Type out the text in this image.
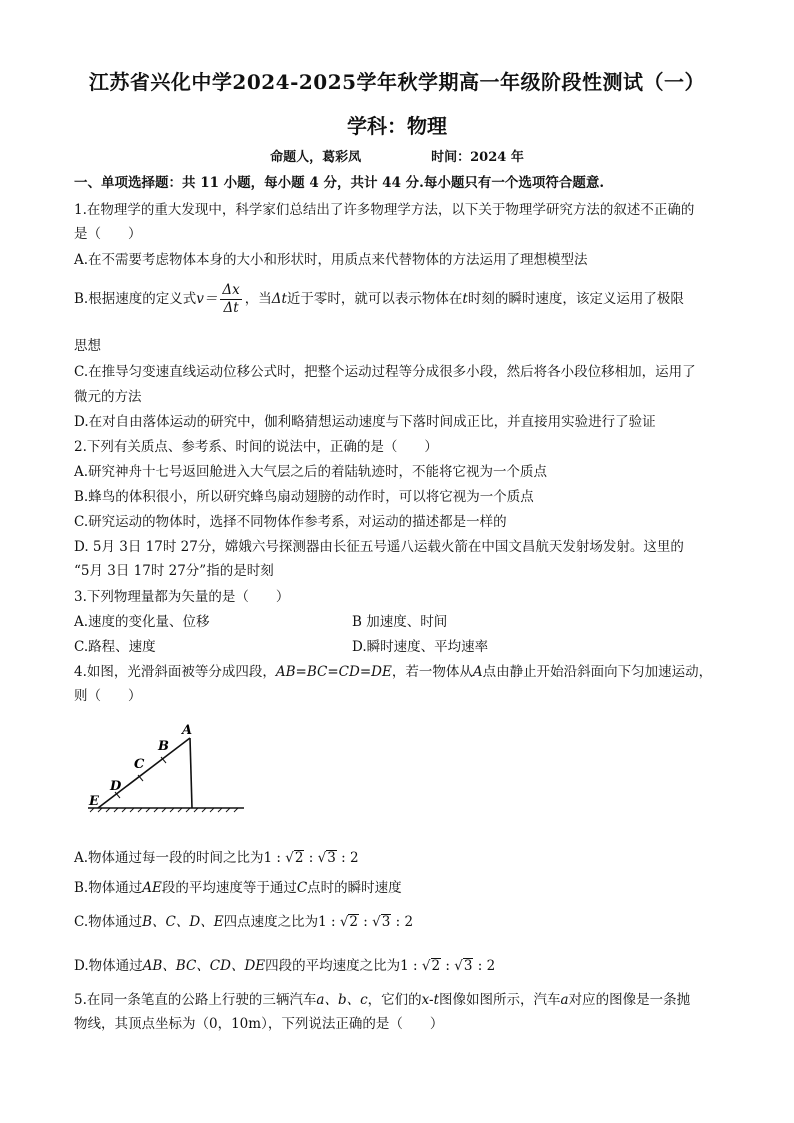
江苏省兴化中学2024-2025学年秋学期高一年级阶段性测试（一）
学科：物理
命题人，葛彩凤	时间：2024 年
一、单项选择题：共 11 小题，每小题 4 分，共计 44 分.每小题只有一个选项符合题意.
1.在物理学的重大发现中，科学家们总结出了许多物理学方法，以下关于物理学研究方法的叙述不正确的
是（　　）
A.在不需要考虑物体本身的大小和形状时，用质点来代替物体的方法运用了理想模型法
B.根据速度的定义式$v= \frac{\Delta x}{\Delta t}$ ，当Δt近于零时，就可以表示物体在t时刻的瞬时速度，该定义运用了极限
思想
C.在推导匀变速直线运动位移公式时，把整个运动过程等分成很多小段，然后将各小段位移相加，运用了
微元的方法
D.在对自由落体运动的研究中，伽利略猜想运动速度与下落时间成正比，并直接用实验进行了验证
2.下列有关质点、参考系、时间的说法中，正确的是（　　）
A.研究神舟十七号返回舱进入大气层之后的着陆轨迹时，不能将它视为一个质点
B.蜂鸟的体积很小，所以研究蜂鸟扇动翅膀的动作时，可以将它视为一个质点
C.研究运动的物体时，选择不同物体作参考系，对运动的描述都是一样的
D. 5月 3日 17时 27分，嫦娥六号探测器由长征五号遥八运载火箭在中国文昌航天发射场发射。这里的
“5月 3日 17时 27分”指的是时刻
3.下列物理量都为矢量的是（　　）
A.速度的变化量、位移	B 加速度、时间
C.路程、速度	D.瞬时速度、平均速率
4.如图，光滑斜面被等分成四段，AB=BC=CD=DE，若一物体从A点由静止开始沿斜面向下匀加速运动，
则（　　）
A
B
C
D
E
A.物体通过每一段的时间之比为1 : √2 : √3 : 2
B.物体通过AE段的平均速度等于通过C点时的瞬时速度
C.物体通过B、C、D、E四点速度之比为1 : √2 : √3 : 2
D.物体通过AB、BC、CD、DE四段的平均速度之比为1 : √2 : √3 : 2
5.在同一条笔直的公路上行驶的三辆汽车a、b、c，它们的x-t图像如图所示，汽车a对应的图像是一条抛
物线，其顶点坐标为（0，10m），下列说法正确的是（　　）
